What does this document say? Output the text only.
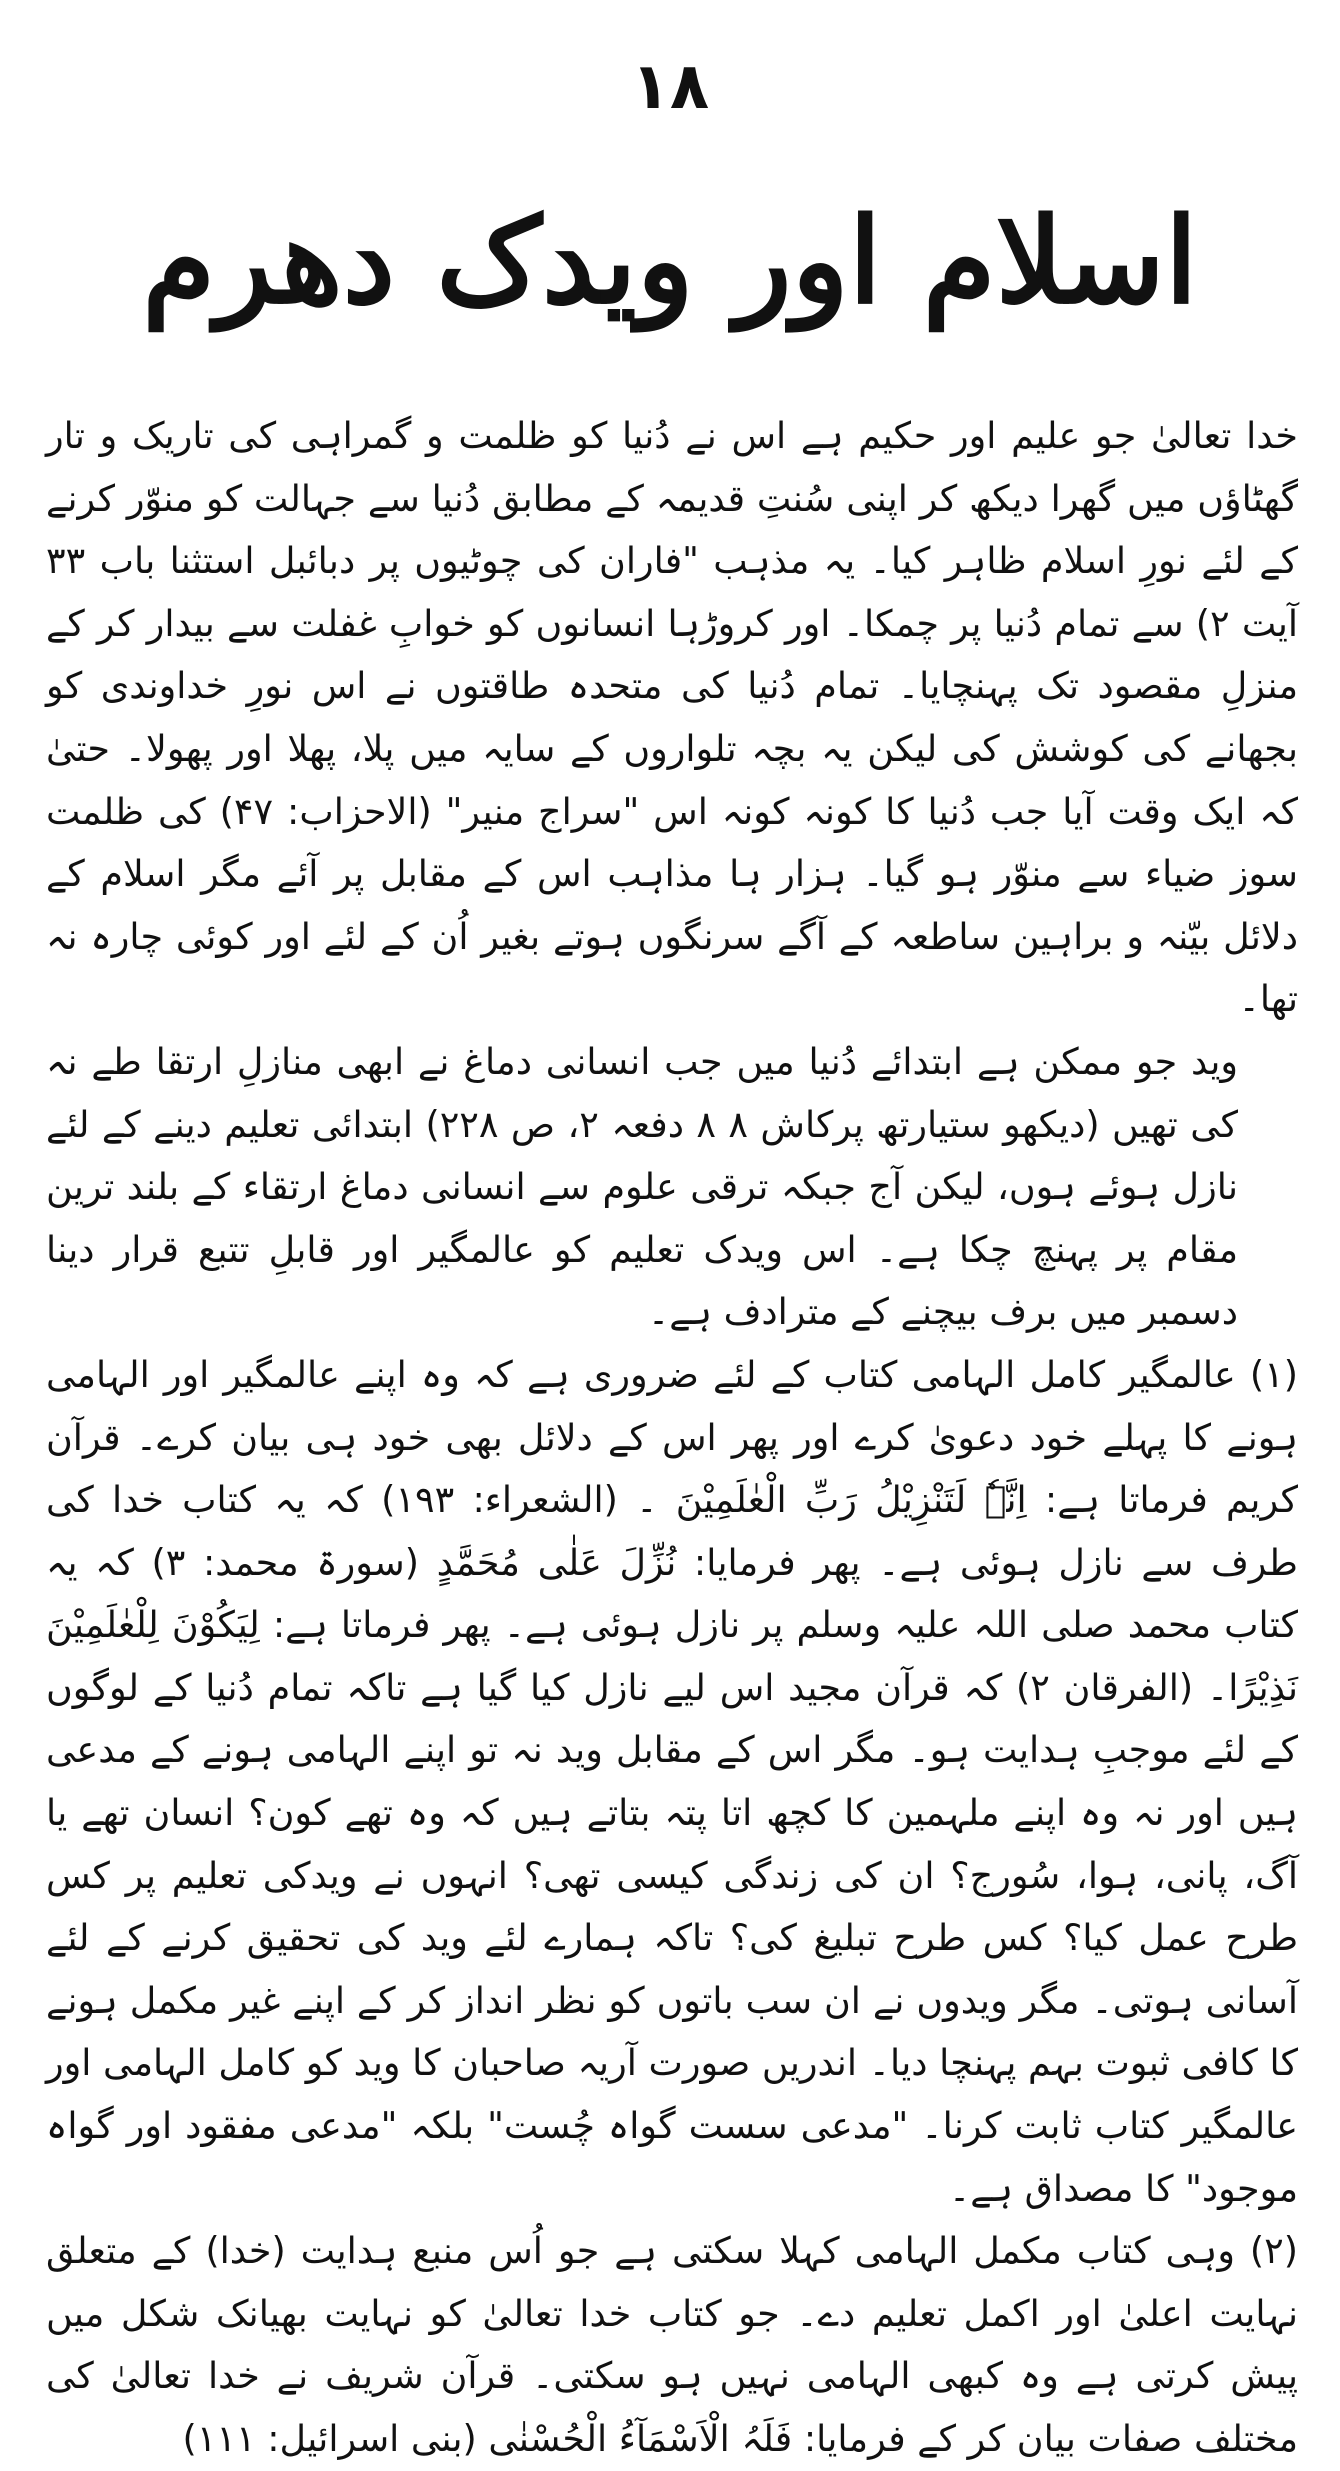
١٨
اسلام اور ویدک دھرم

خدا تعالیٰ جو علیم اور حکیم ہے اس نے دُنیا کو ظلمت و گمراہی کی تاریک و تار گھٹاؤں میں گھرا دیکھ کر اپنی سُنتِ قدیمہ کے مطابق دُنیا سے جہالت کو منوّر کرنے کے لئے نورِ اسلام ظاہر کیا۔ یہ مذہب "فاران کی چوٹیوں پر دبائبل استثنا باب ۳۳ آیت ۲) سے تمام دُنیا پر چمکا۔ اور کروڑہا انسانوں کو خوابِ غفلت سے بیدار کر کے منزلِ مقصود تک پہنچایا۔ تمام دُنیا کی متحدہ طاقتوں نے اس نورِ خداوندی کو بجھانے کی کوشش کی لیکن یہ بچہ تلواروں کے سایہ میں پلا، پھلا اور پھولا۔ حتیٰ کہ ایک وقت آیا جب دُنیا کا کونہ کونہ اس "سراج منیر" (الاحزاب: ۴۷) کی ظلمت سوز ضیاء سے منوّر ہو گیا۔ ہزار ہا مذاہب اس کے مقابل پر آئے مگر اسلام کے دلائل بیّنہ و براہین ساطعہ کے آگے سرنگوں ہوتے بغیر اُن کے لئے اور کوئی چارہ نہ تھا۔

وید جو ممکن ہے ابتدائے دُنیا میں جب انسانی دماغ نے ابھی منازلِ ارتقا طے نہ کی تھیں (دیکھو ستیارتھ پرکاش ۸ ۸ دفعہ ۲، ص ۲۲۸) ابتدائی تعلیم دینے کے لئے نازل ہوئے ہوں، لیکن آج جبکہ ترقی علوم سے انسانی دماغ ارتقاء کے بلند ترین مقام پر پہنچ چکا ہے۔ اس ویدک تعلیم کو عالمگیر اور قابلِ تتبع قرار دینا دسمبر میں برف بیچنے کے مترادف ہے۔

(۱) عالمگیر کامل الہامی کتاب کے لئے ضروری ہے کہ وہ اپنے عالمگیر اور الہامی ہونے کا پہلے خود دعویٰ کرے اور پھر اس کے دلائل بھی خود ہی بیان کرے۔ قرآن کریم فرماتا ہے: اِنَّہٗ لَتَنْزِیْلُ رَبِّ الْعٰلَمِیْنَ ۔ (الشعراء: ۱۹۳) کہ یہ کتاب خدا کی طرف سے نازل ہوئی ہے۔ پھر فرمایا: نُزِّلَ عَلٰی مُحَمَّدٍ (سورۃ محمد: ۳) کہ یہ کتاب محمد صلی اللہ علیہ وسلم پر نازل ہوئی ہے۔ پھر فرماتا ہے: لِیَکُوْنَ لِلْعٰلَمِیْنَ نَذِیْرًا۔ (الفرقان ۲) کہ قرآن مجید اس لیے نازل کیا گیا ہے تاکہ تمام دُنیا کے لوگوں کے لئے موجبِ ہدایت ہو۔ مگر اس کے مقابل وید نہ تو اپنے الہامی ہونے کے مدعی ہیں اور نہ وہ اپنے ملہمین کا کچھ اتا پتہ بتاتے ہیں کہ وہ تھے کون؟ انسان تھے یا آگ، پانی، ہوا، سُورج؟ ان کی زندگی کیسی تھی؟ انہوں نے ویدکی تعلیم پر کس طرح عمل کیا؟ کس طرح تبلیغ کی؟ تاکہ ہمارے لئے وید کی تحقیق کرنے کے لئے آسانی ہوتی۔ مگر ویدوں نے ان سب باتوں کو نظر انداز کر کے اپنے غیر مکمل ہونے کا کافی ثبوت بہم پہنچا دیا۔ اندریں صورت آریہ صاحبان کا وید کو کامل الہامی اور عالمگیر کتاب ثابت کرنا۔ "مدعی سست گواہ چُست" بلکہ "مدعی مفقود اور گواہ موجود" کا مصداق ہے۔

(۲) وہی کتاب مکمل الہامی کہلا سکتی ہے جو اُس منبع ہدایت (خدا) کے متعلق نہایت اعلیٰ اور اکمل تعلیم دے۔ جو کتاب خدا تعالیٰ کو نہایت بھیانک شکل میں پیش کرتی ہے وہ کبھی الہامی نہیں ہو سکتی۔ قرآن شریف نے خدا تعالیٰ کی مختلف صفات بیان کر کے فرمایا: فَلَہُ الْاَسْمَآءُ الْحُسْنٰی (بنی اسرائیل: ۱۱۱)
